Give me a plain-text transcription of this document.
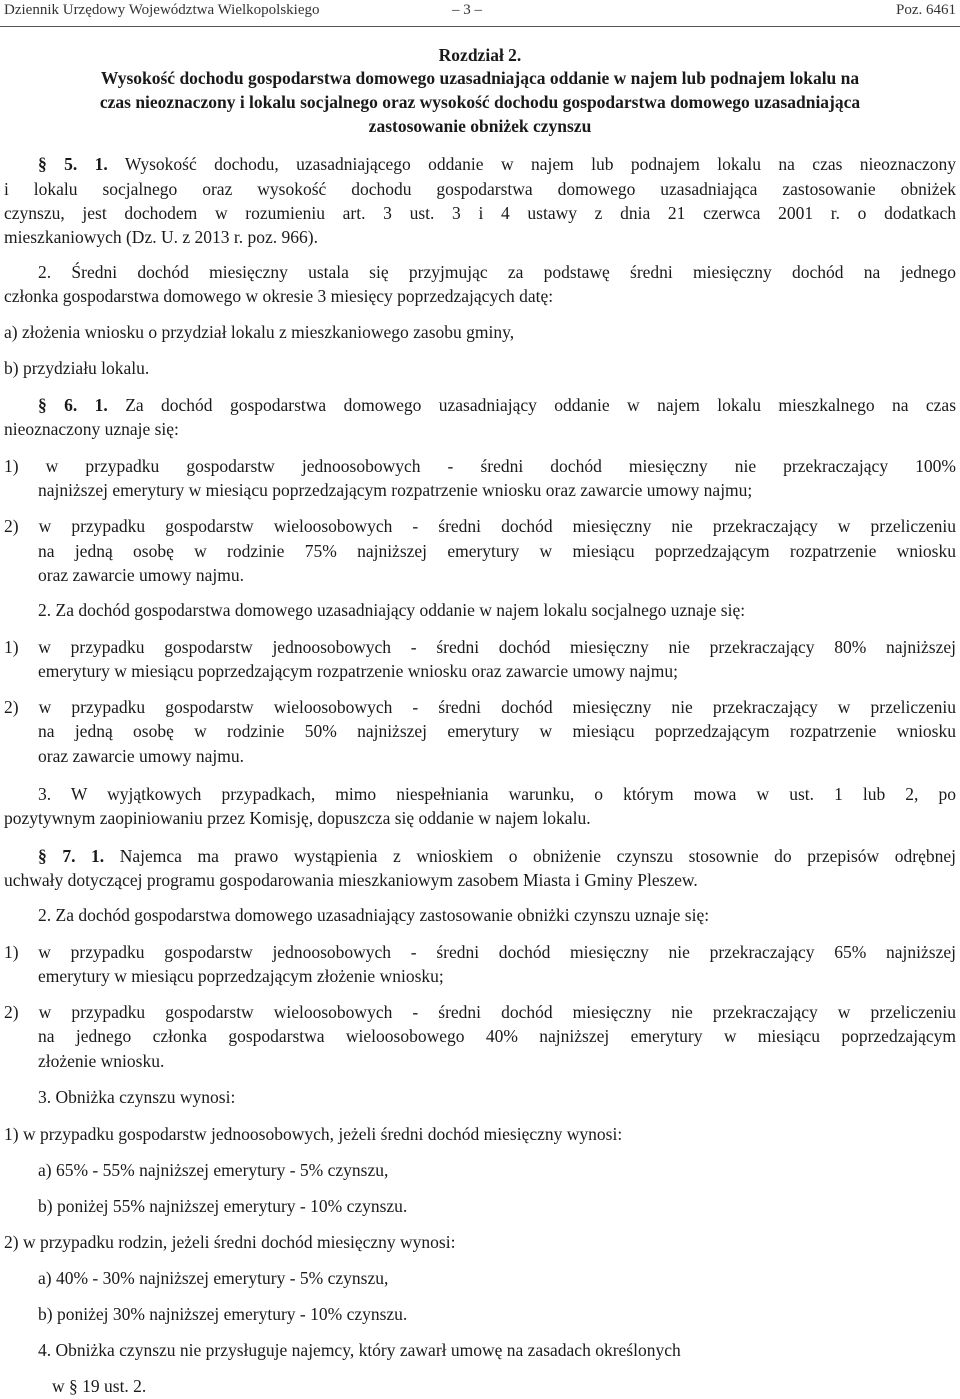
Dziennik Urzędowy Województwa Wielkopolskiego	– 3 –	Poz. 6461
Rozdział 2.
Wysokość dochodu gospodarstwa domowego uzasadniająca oddanie w najem lub podnajem lokalu na
czas nieoznaczony i lokalu socjalnego oraz wysokość dochodu gospodarstwa domowego uzasadniająca
zastosowanie obniżek czynszu
§ 5. 1. Wysokość dochodu, uzasadniającego oddanie w najem lub podnajem lokalu na czas nieoznaczony
i lokalu socjalnego oraz wysokość dochodu gospodarstwa domowego uzasadniająca zastosowanie obniżek
czynszu, jest dochodem w rozumieniu art. 3 ust. 3 i 4 ustawy z dnia 21 czerwca 2001 r. o dodatkach
mieszkaniowych (Dz. U. z 2013 r. poz. 966).
2. Średni dochód miesięczny ustala się przyjmując za podstawę średni miesięczny dochód na jednego
członka gospodarstwa domowego w okresie 3 miesięcy poprzedzających datę:
a) złożenia wniosku o przydział lokalu z mieszkaniowego zasobu gminy,
b) przydziału lokalu.
§ 6. 1. Za dochód gospodarstwa domowego uzasadniający oddanie w najem lokalu mieszkalnego na czas
nieoznaczony uznaje się:
1) w przypadku gospodarstw jednoosobowych - średni dochód miesięczny nie przekraczający 100%
najniższej emerytury w miesiącu poprzedzającym rozpatrzenie wniosku oraz zawarcie umowy najmu;
2) w przypadku gospodarstw wieloosobowych - średni dochód miesięczny nie przekraczający w przeliczeniu
na jedną osobę w rodzinie 75% najniższej emerytury w miesiącu poprzedzającym rozpatrzenie wniosku
oraz zawarcie umowy najmu.
2. Za dochód gospodarstwa domowego uzasadniający oddanie w najem lokalu socjalnego uznaje się:
1) w przypadku gospodarstw jednoosobowych - średni dochód miesięczny nie przekraczający 80% najniższej
emerytury w miesiącu poprzedzającym rozpatrzenie wniosku oraz zawarcie umowy najmu;
2) w przypadku gospodarstw wieloosobowych - średni dochód miesięczny nie przekraczający w przeliczeniu
na jedną osobę w rodzinie 50% najniższej emerytury w miesiącu poprzedzającym rozpatrzenie wniosku
oraz zawarcie umowy najmu.
3. W wyjątkowych przypadkach, mimo niespełniania warunku, o którym mowa w ust. 1 lub 2, po
pozytywnym zaopiniowaniu przez Komisję, dopuszcza się oddanie w najem lokalu.
§ 7. 1. Najemca ma prawo wystąpienia z wnioskiem o obniżenie czynszu stosownie do przepisów odrębnej
uchwały dotyczącej programu gospodarowania mieszkaniowym zasobem Miasta i Gminy Pleszew.
2. Za dochód gospodarstwa domowego uzasadniający zastosowanie obniżki czynszu uznaje się:
1) w przypadku gospodarstw jednoosobowych - średni dochód miesięczny nie przekraczający 65% najniższej
emerytury w miesiącu poprzedzającym złożenie wniosku;
2) w przypadku gospodarstw wieloosobowych - średni dochód miesięczny nie przekraczający w przeliczeniu
na jednego członka gospodarstwa wieloosobowego 40% najniższej emerytury w miesiącu poprzedzającym
złożenie wniosku.
3. Obniżka czynszu wynosi:
1) w przypadku gospodarstw jednoosobowych, jeżeli średni dochód miesięczny wynosi:
a) 65% - 55% najniższej emerytury - 5% czynszu,
b) poniżej 55% najniższej emerytury - 10% czynszu.
2) w przypadku rodzin, jeżeli średni dochód miesięczny wynosi:
a) 40% - 30% najniższej emerytury - 5% czynszu,
b) poniżej 30% najniższej emerytury - 10% czynszu.
4. Obniżka czynszu nie przysługuje najemcy, który zawarł umowę na zasadach określonych
w § 19 ust. 2.
